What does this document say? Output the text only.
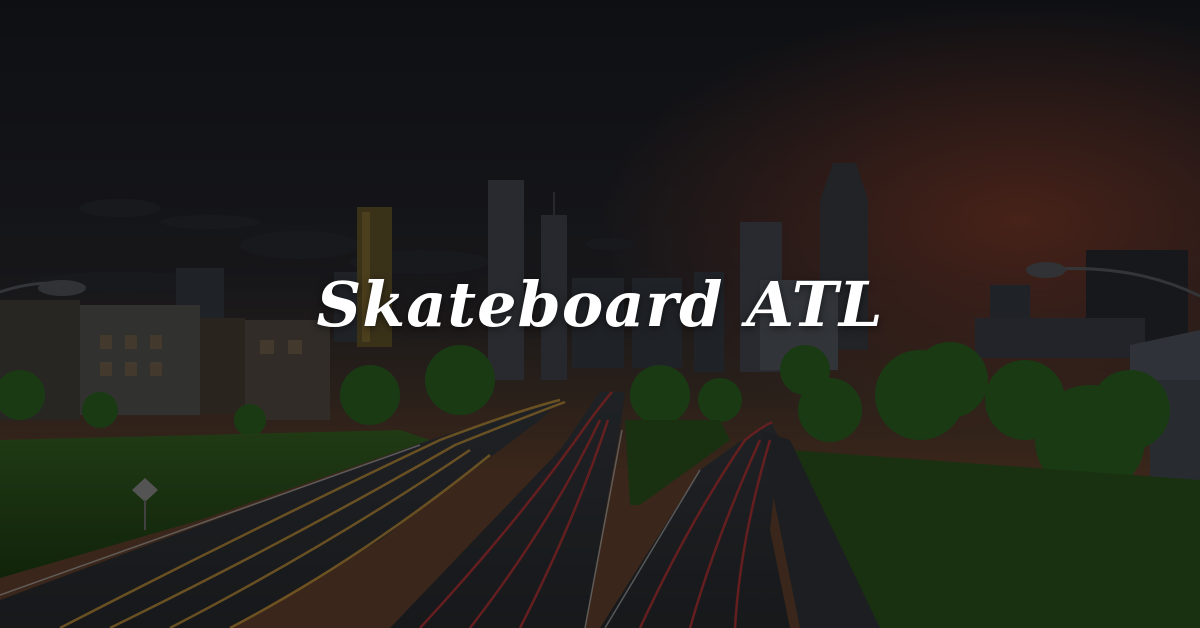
Skateboard ATL
